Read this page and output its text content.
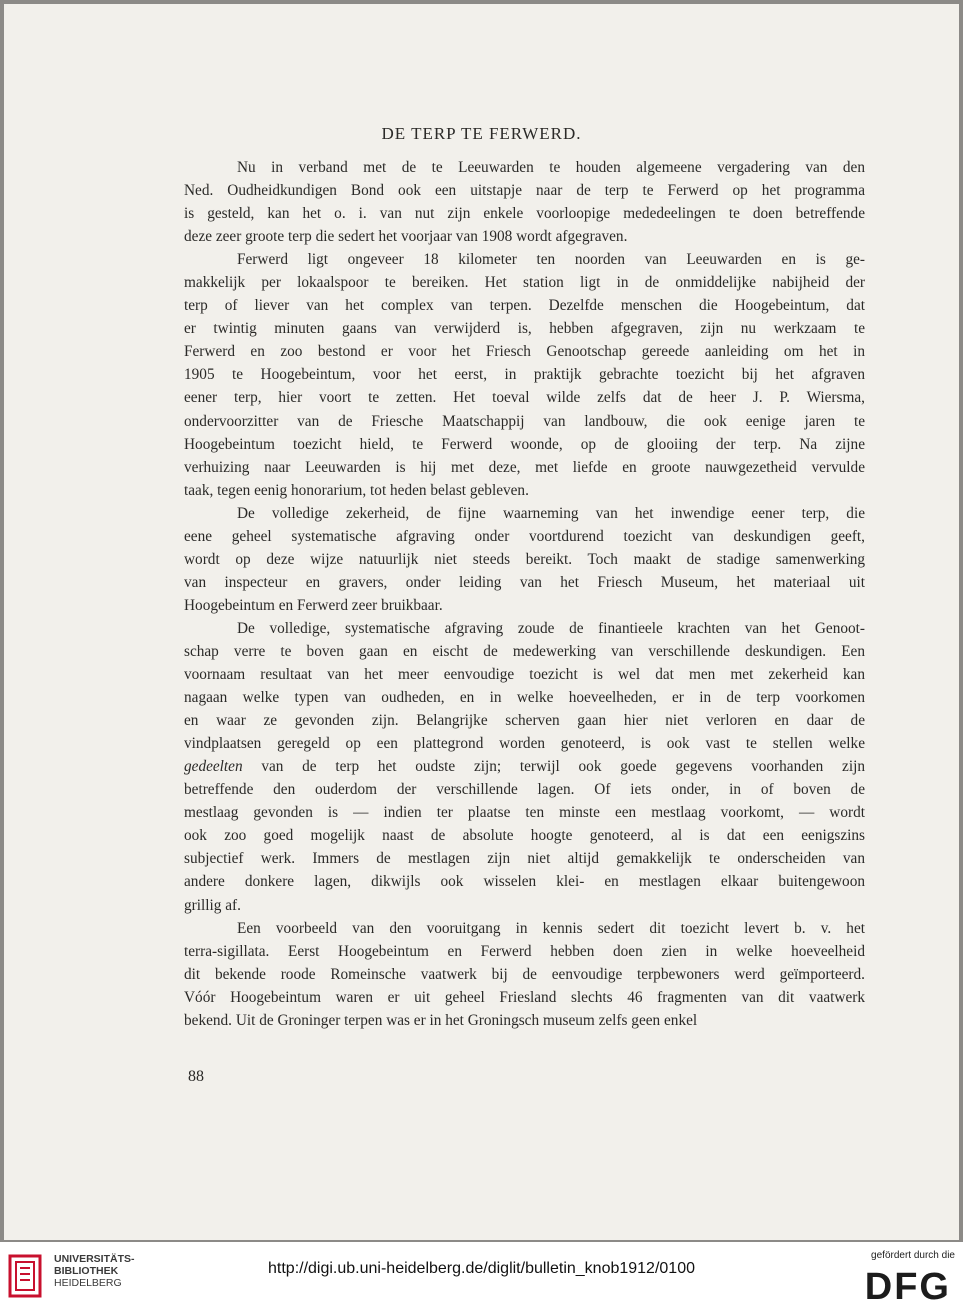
DE TERP TE FERWERD.
Nu in verband met de te Leeuwarden te houden algemeene vergadering van den
Ned. Oudheidkundigen Bond ook een uitstapje naar de terp te Ferwerd op het programma
is gesteld, kan het o. i. van nut zijn enkele voorloopige mededeelingen te doen betreffende
deze zeer groote terp die sedert het voorjaar van 1908 wordt afgegraven.
Ferwerd ligt ongeveer 18 kilometer ten noorden van Leeuwarden en is ge-
makkelijk per lokaalspoor te bereiken. Het station ligt in de onmiddelijke nabijheid der
terp of liever van het complex van terpen. Dezelfde menschen die Hoogebeintum, dat
er twintig minuten gaans van verwijderd is, hebben afgegraven, zijn nu werkzaam te
Ferwerd en zoo bestond er voor het Friesch Genootschap gereede aanleiding om het in
1905 te Hoogebeintum, voor het eerst, in praktijk gebrachte toezicht bij het afgraven
eener terp, hier voort te zetten. Het toeval wilde zelfs dat de heer J. P. Wiersma,
ondervoorzitter van de Friesche Maatschappij van landbouw, die ook eenige jaren te
Hoogebeintum toezicht hield, te Ferwerd woonde, op de glooiing der terp. Na zijne
verhuizing naar Leeuwarden is hij met deze, met liefde en groote nauwgezetheid vervulde
taak, tegen eenig honorarium, tot heden belast gebleven.
De volledige zekerheid, de fijne waarneming van het inwendige eener terp, die
eene geheel systematische afgraving onder voortdurend toezicht van deskundigen geeft,
wordt op deze wijze natuurlijk niet steeds bereikt. Toch maakt de stadige samenwerking
van inspecteur en gravers, onder leiding van het Friesch Museum, het materiaal uit
Hoogebeintum en Ferwerd zeer bruikbaar.
De volledige, systematische afgraving zoude de finantieele krachten van het Genoot-
schap verre te boven gaan en eischt de medewerking van verschillende deskundigen. Een
voornaam resultaat van het meer eenvoudige toezicht is wel dat men met zekerheid kan
nagaan welke typen van oudheden, en in welke hoeveelheden, er in de terp voorkomen
en waar ze gevonden zijn. Belangrijke scherven gaan hier niet verloren en daar de
vindplaatsen geregeld op een plattegrond worden genoteerd, is ook vast te stellen welke
gedeelten van de terp het oudste zijn; terwijl ook goede gegevens voorhanden zijn
betreffende den ouderdom der verschillende lagen. Of iets onder, in of boven de
mestlaag gevonden is — indien ter plaatse ten minste een mestlaag voorkomt, — wordt
ook zoo goed mogelijk naast de absolute hoogte genoteerd, al is dat een eenigszins
subjectief werk. Immers de mestlagen zijn niet altijd gemakkelijk te onderscheiden van
andere donkere lagen, dikwijls ook wisselen klei- en mestlagen elkaar buitengewoon
grillig af.
Een voorbeeld van den vooruitgang in kennis sedert dit toezicht levert b. v. het
terra-sigillata. Eerst Hoogebeintum en Ferwerd hebben doen zien in welke hoeveelheid
dit bekende roode Romeinsche vaatwerk bij de eenvoudige terpbewoners werd geïmporteerd.
Vóór Hoogebeintum waren er uit geheel Friesland slechts 46 fragmenten van dit vaatwerk
bekend. Uit de Groninger terpen was er in het Groningsch museum zelfs geen enkel
88
UNIVERSITÄTS-
BIBLIOTHEK
HEIDELBERG
http://digi.ub.uni-heidelberg.de/diglit/bulletin_knob1912/0100
gefördert durch die
DFG
